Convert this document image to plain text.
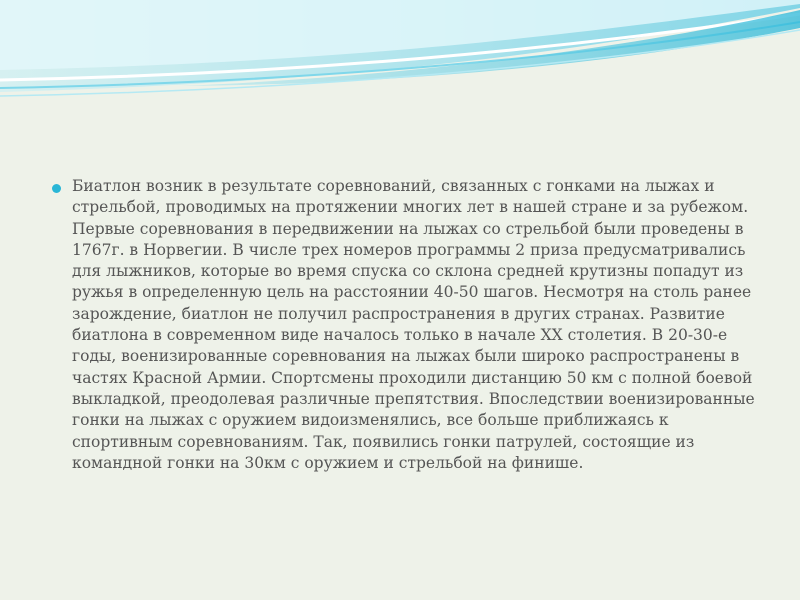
Биатлон возник в результате соревнований, связанных с гонками на лыжах и стрельбой, проводимых на протяжении многих лет в нашей стране и за рубежом. Первые соревнования в передвижении на лыжах со стрельбой были проведены в 1767г. в Норвегии. В числе трех номеров программы 2 приза предусматривались для лыжников, которые во время спуска со склона средней крутизны попадут из ружья в определенную цель на расстоянии 40-50 шагов. Несмотря на столь ранее зарождение, биатлон не получил распространения в других странах. Развитие биатлона в современном виде началось только в начале XX столетия. В 20-30-е годы, военизированные соревнования на лыжах были широко распространены в частях Красной Армии. Спортсмены проходили дистанцию 50 км с полной боевой выкладкой, преодолевая различные препятствия. Впоследствии военизированные гонки на лыжах с оружием видоизменялись, все больше приближаясь к спортивным соревнованиям. Так, появились гонки патрулей, состоящие из командной гонки на 30км с оружием и стрельбой на финише.
